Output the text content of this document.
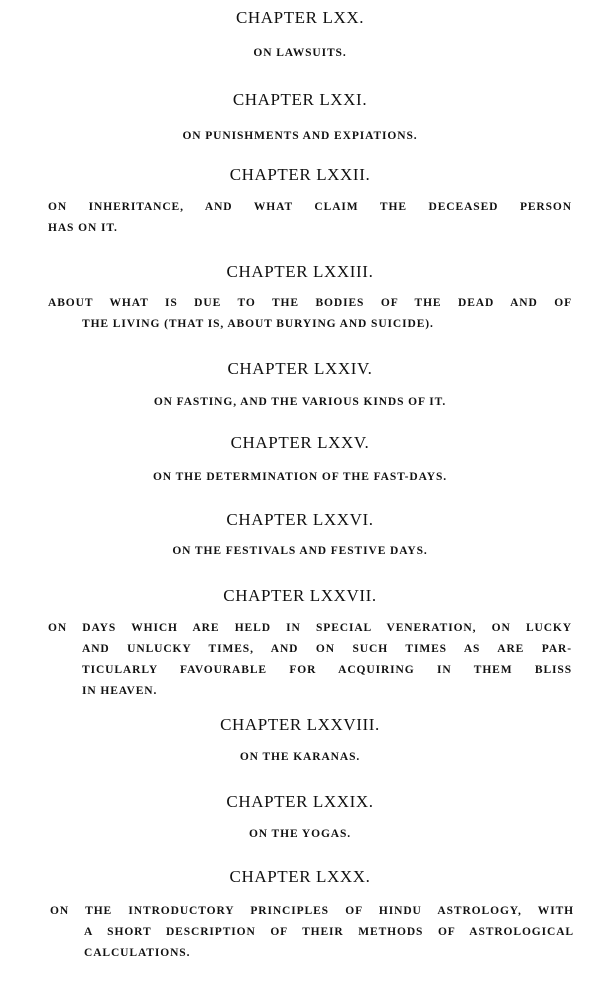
CHAPTER LXX.
ON LAWSUITS.
CHAPTER LXXI.
ON PUNISHMENTS AND EXPIATIONS.
CHAPTER LXXII.
ON INHERITANCE, AND WHAT CLAIM THE DECEASED PERSON
HAS ON IT.
CHAPTER LXXIII.
ABOUT WHAT IS DUE TO THE BODIES OF THE DEAD AND OF
THE LIVING (THAT IS, ABOUT BURYING AND SUICIDE).
CHAPTER LXXIV.
ON FASTING, AND THE VARIOUS KINDS OF IT.
CHAPTER LXXV.
ON THE DETERMINATION OF THE FAST-DAYS.
CHAPTER LXXVI.
ON THE FESTIVALS AND FESTIVE DAYS.
CHAPTER LXXVII.
ON DAYS WHICH ARE HELD IN SPECIAL VENERATION, ON LUCKY
AND UNLUCKY TIMES, AND ON SUCH TIMES AS ARE PAR-
TICULARLY FAVOURABLE FOR ACQUIRING IN THEM BLISS
IN HEAVEN.
CHAPTER LXXVIII.
ON THE KARANAS.
CHAPTER LXXIX.
ON THE YOGAS.
CHAPTER LXXX.
ON THE INTRODUCTORY PRINCIPLES OF HINDU ASTROLOGY, WITH
A SHORT DESCRIPTION OF THEIR METHODS OF ASTROLOGICAL
CALCULATIONS.
